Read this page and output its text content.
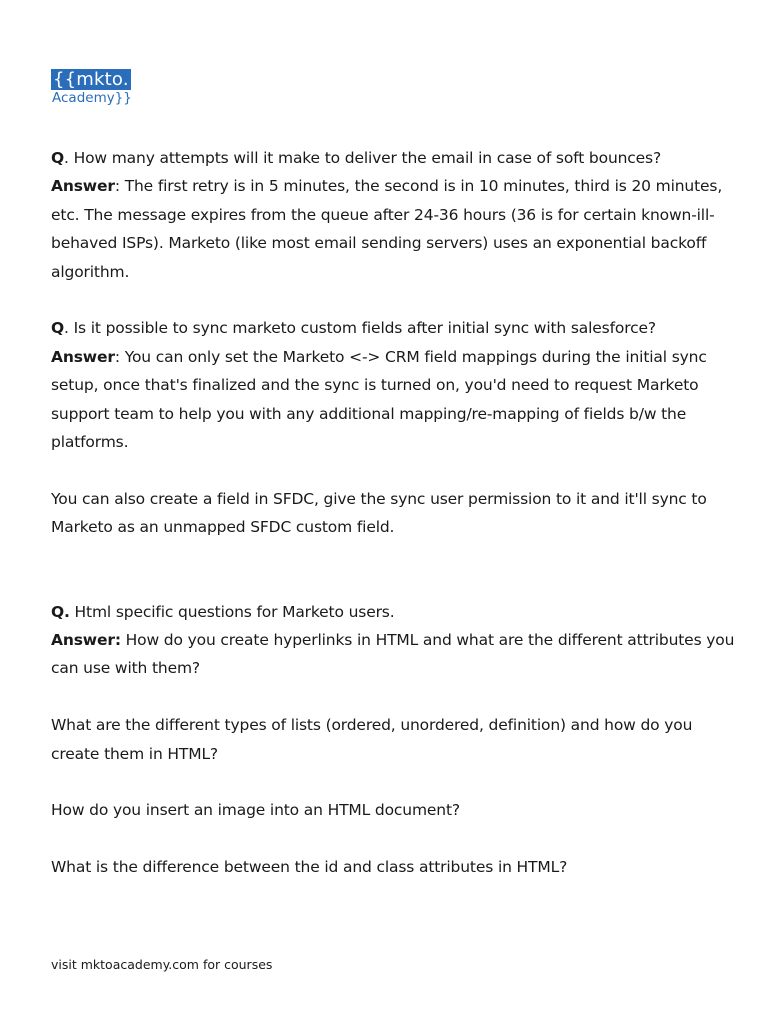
{{mkto.
Academy}}

Q. How many attempts will it make to deliver the email in case of soft bounces?
Answer: The first retry is in 5 minutes, the second is in 10 minutes, third is 20 minutes, etc. The message expires from the queue after 24-36 hours (36 is for certain known-ill-behaved ISPs). Marketo (like most email sending servers) uses an exponential backoff algorithm.

Q. Is it possible to sync marketo custom fields after initial sync with salesforce?
Answer: You can only set the Marketo <-> CRM field mappings during the initial sync setup, once that's finalized and the sync is turned on, you'd need to request Marketo support team to help you with any additional mapping/re-mapping of fields b/w the platforms.

You can also create a field in SFDC, give the sync user permission to it and it'll sync to Marketo as an unmapped SFDC custom field.

Q. Html specific questions for Marketo users.
Answer: How do you create hyperlinks in HTML and what are the different attributes you can use with them?

What are the different types of lists (ordered, unordered, definition) and how do you create them in HTML?

How do you insert an image into an HTML document?

What is the difference between the id and class attributes in HTML?

visit mktoacademy.com for courses
